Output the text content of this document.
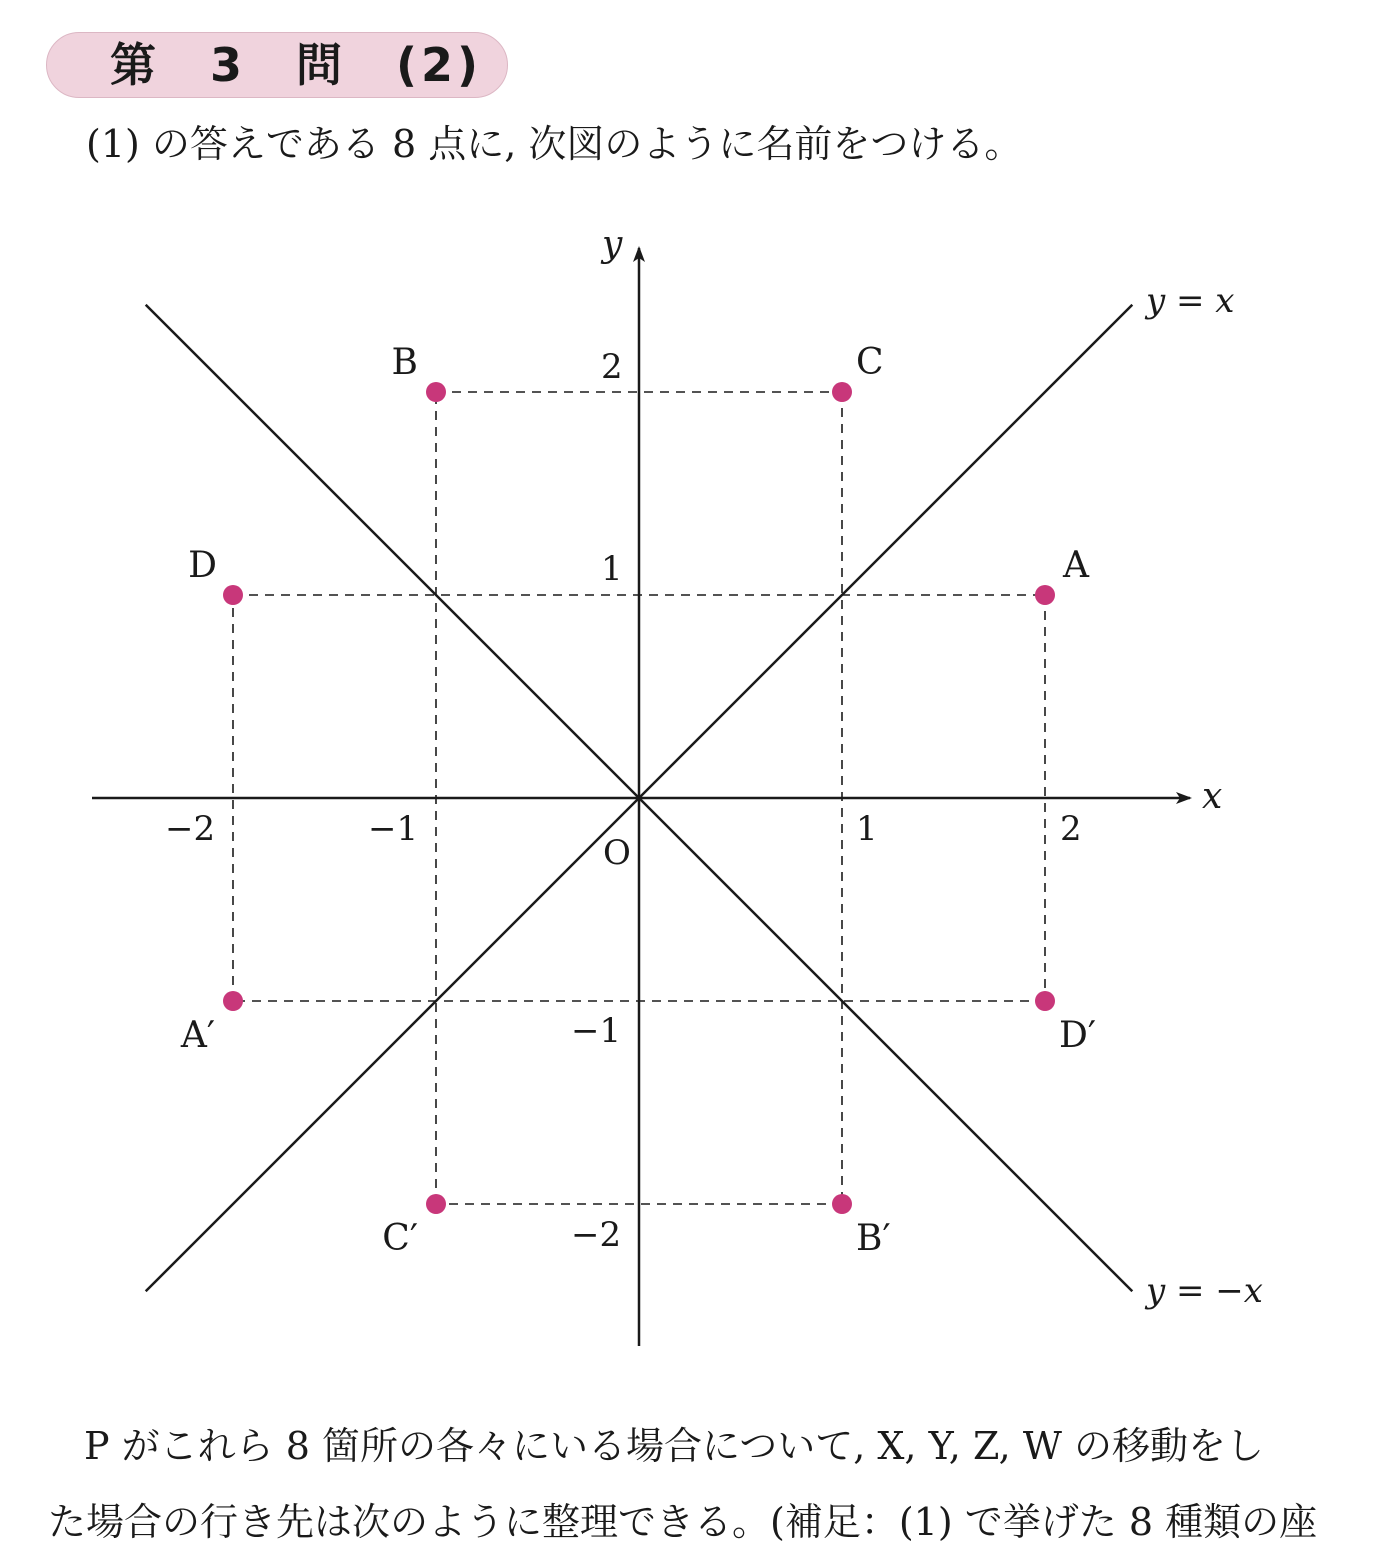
第　3　問　(2)
(1) の答えである 8 点に, 次図のように名前をつける。
A
B	C
D
A′
B′
C′
D′
x
y
O
y = x
y = −x
−2	−1	1	2
2
1
−1
−2
P がこれら 8 箇所の各々にいる場合について, X, Y, Z, W の移動をし
た場合の行き先は次のように整理できる。(補足：(1) で挙げた 8 種類の座
